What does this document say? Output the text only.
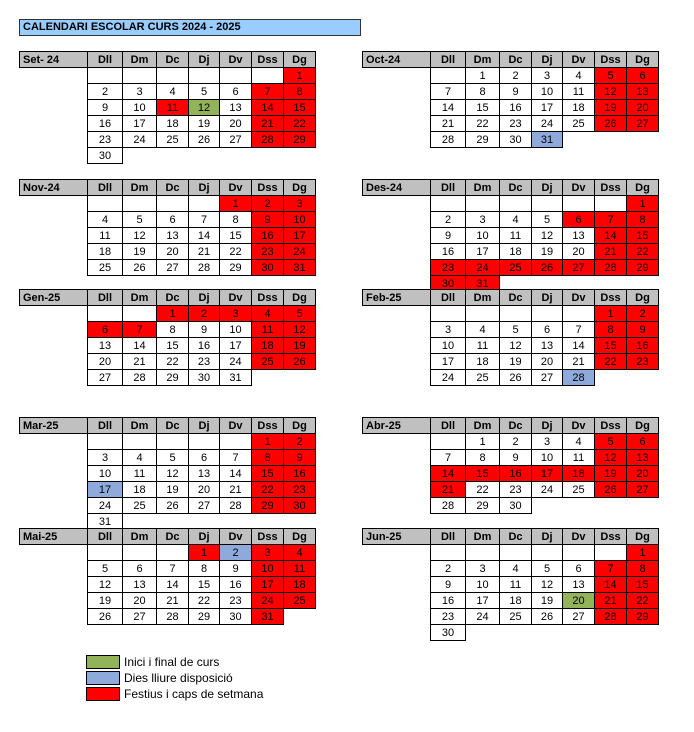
CALENDARI ESCOLAR CURS 2024 - 2025
Set- 24	Dll	Dm	Dc	Dj	Dv	Dss	Dg
							1
	2	3	4	5	6	7	8
	9	10	11	12	13	14	15
	16	17	18	19	20	21	22
	23	24	25	26	27	28	29
	30						
Oct-24	Dll	Dm	Dc	Dj	Dv	Dss	Dg
		1	2	3	4	5	6
	7	8	9	10	11	12	13
	14	15	16	17	18	19	20
	21	22	23	24	25	26	27
	28	29	30	31			
Nov-24	Dll	Dm	Dc	Dj	Dv	Dss	Dg
					1	2	3
	4	5	6	7	8	9	10
	11	12	13	14	15	16	17
	18	19	20	21	22	23	24
	25	26	27	28	29	30	31
Des-24	Dll	Dm	Dc	Dj	Dv	Dss	Dg
							1
	2	3	4	5	6	7	8
	9	10	11	12	13	14	15
	16	17	18	19	20	21	22
	23	24	25	26	27	28	29
	30	31					
Gen-25	Dll	Dm	Dc	Dj	Dv	Dss	Dg
			1	2	3	4	5
	6	7	8	9	10	11	12
	13	14	15	16	17	18	19
	20	21	22	23	24	25	26
	27	28	29	30	31		
Feb-25	Dll	Dm	Dc	Dj	Dv	Dss	Dg
						1	2
	3	4	5	6	7	8	9
	10	11	12	13	14	15	16
	17	18	19	20	21	22	23
	24	25	26	27	28		
Mar-25	Dll	Dm	Dc	Dj	Dv	Dss	Dg
						1	2
	3	4	5	6	7	8	9
	10	11	12	13	14	15	16
	17	18	19	20	21	22	23
	24	25	26	27	28	29	30
	31						
Abr-25	Dll	Dm	Dc	Dj	Dv	Dss	Dg
		1	2	3	4	5	6
	7	8	9	10	11	12	13
	14	15	16	17	18	19	20
	21	22	23	24	25	26	27
	28	29	30				
Mai-25	Dll	Dm	Dc	Dj	Dv	Dss	Dg
				1	2	3	4
	5	6	7	8	9	10	11
	12	13	14	15	16	17	18
	19	20	21	22	23	24	25
	26	27	28	29	30	31	
Jun-25	Dll	Dm	Dc	Dj	Dv	Dss	Dg
							1
	2	3	4	5	6	7	8
	9	10	11	12	13	14	15
	16	17	18	19	20	21	22
	23	24	25	26	27	28	29
	30						
Inici i final de curs
Dies lliure disposició
Festius i caps de setmana
